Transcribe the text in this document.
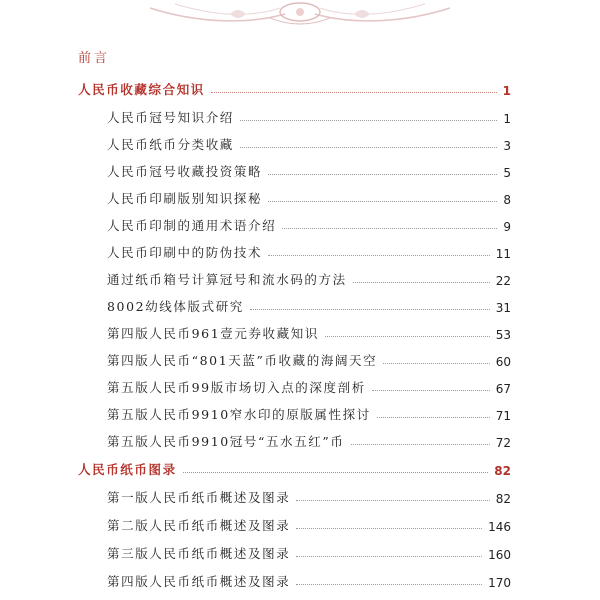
前言
人民币收藏综合知识	1
人民币冠号知识介绍	1
人民币纸币分类收藏	3
人民币冠号收藏投资策略	5
人民币印刷版别知识探秘	8
人民币印制的通用术语介绍	9
人民币印刷中的防伪技术	11
通过纸币箱号计算冠号和流水码的方法	22
8002幼线体版式研究	31
第四版人民币961壹元券收藏知识	53
第四版人民币“801天蓝”币收藏的海阔天空	60
第五版人民币99版市场切入点的深度剖析	67
第五版人民币9910窄水印的原版属性探讨	71
第五版人民币9910冠号“五水五红”币	72
人民币纸币图录	82
第一版人民币纸币概述及图录	82
第二版人民币纸币概述及图录	146
第三版人民币纸币概述及图录	160
第四版人民币纸币概述及图录	170
